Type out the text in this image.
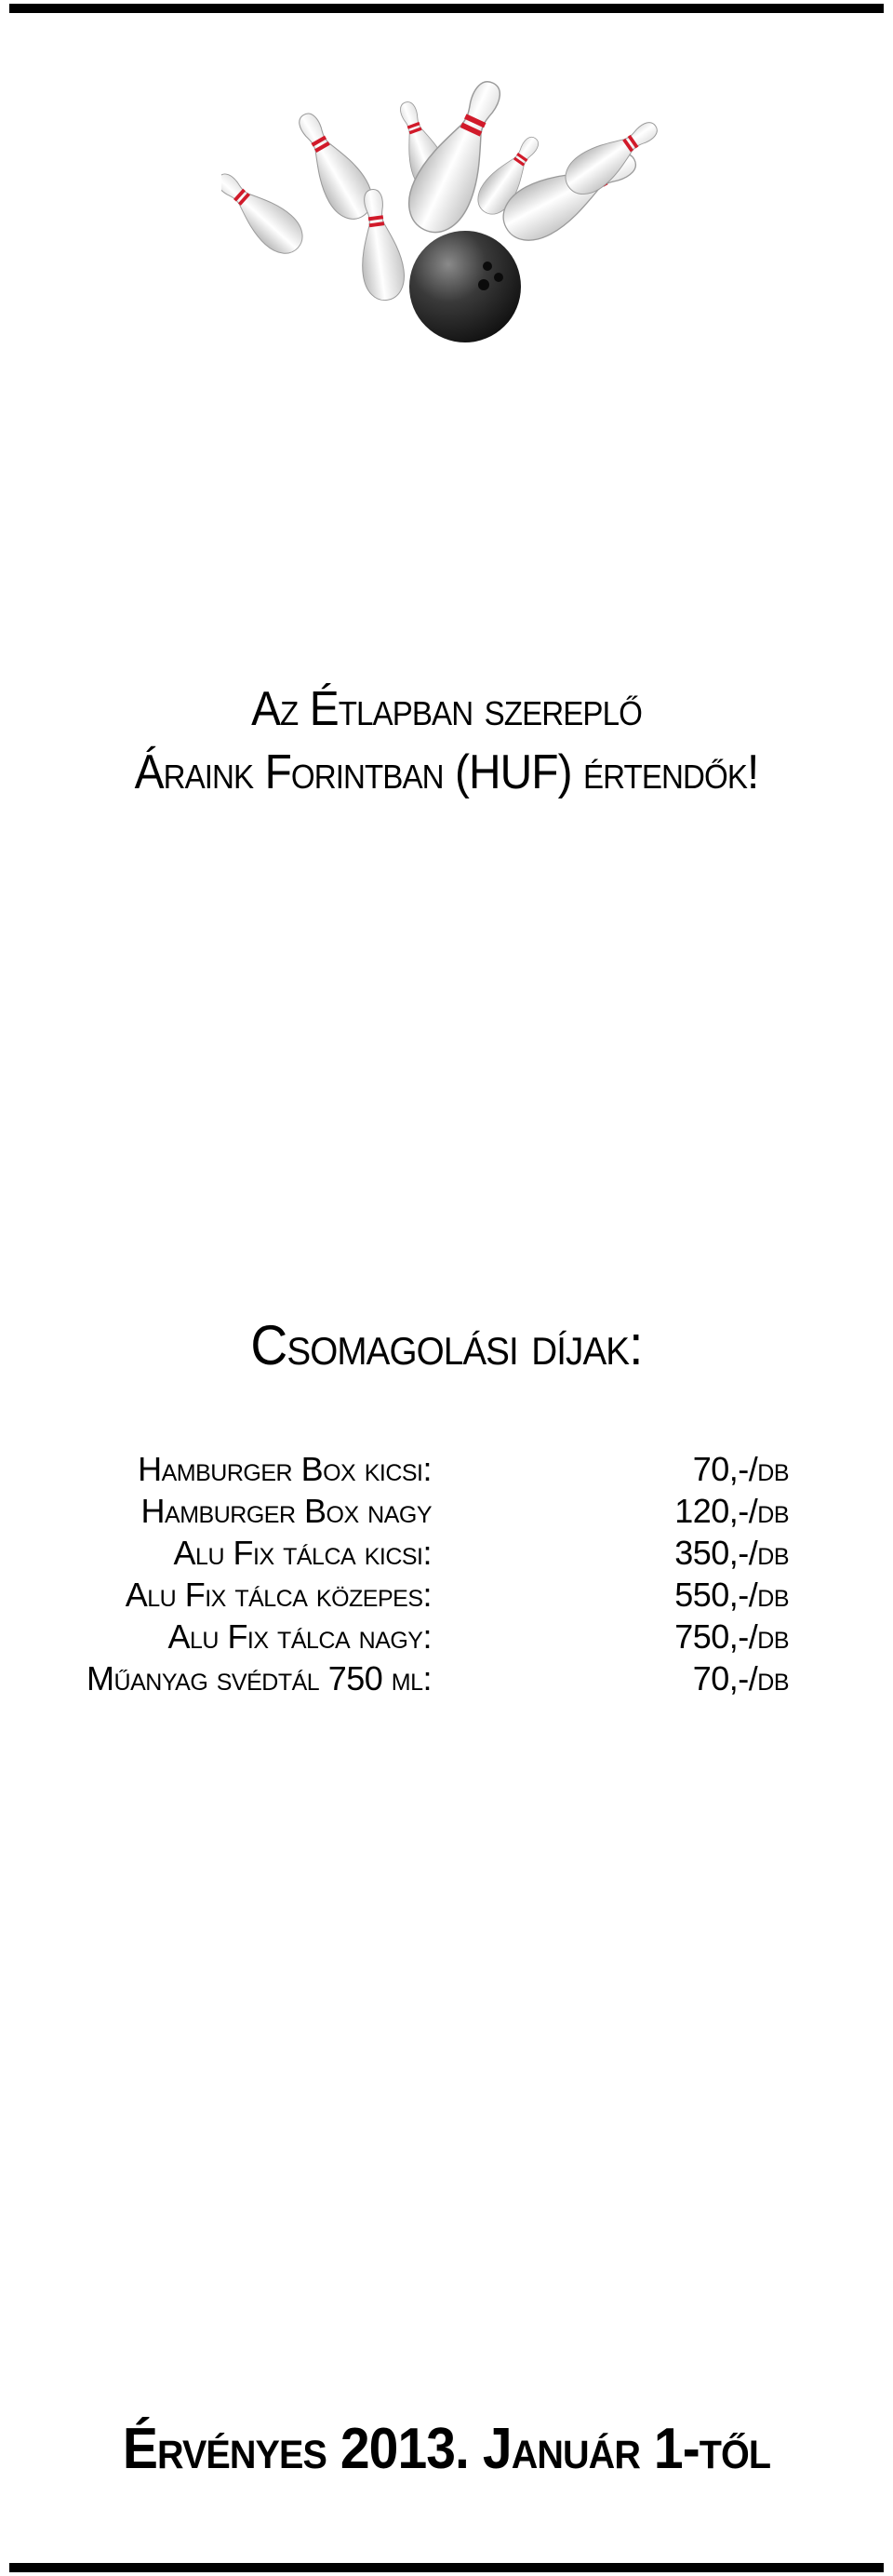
Az Étlapban szereplő
Áraink Forintban (HUF) értendők!
Csomagolási díjak:
Hamburger Box kicsi:	70,-/db
Hamburger Box nagy	120,-/db
Alu Fix tálca kicsi:	350,-/db
Alu Fix tálca közepes:	550,-/db
Alu Fix tálca nagy:	750,-/db
Műanyag svédtál 750 ml:	70,-/db
Érvényes 2013. Január 1-től
